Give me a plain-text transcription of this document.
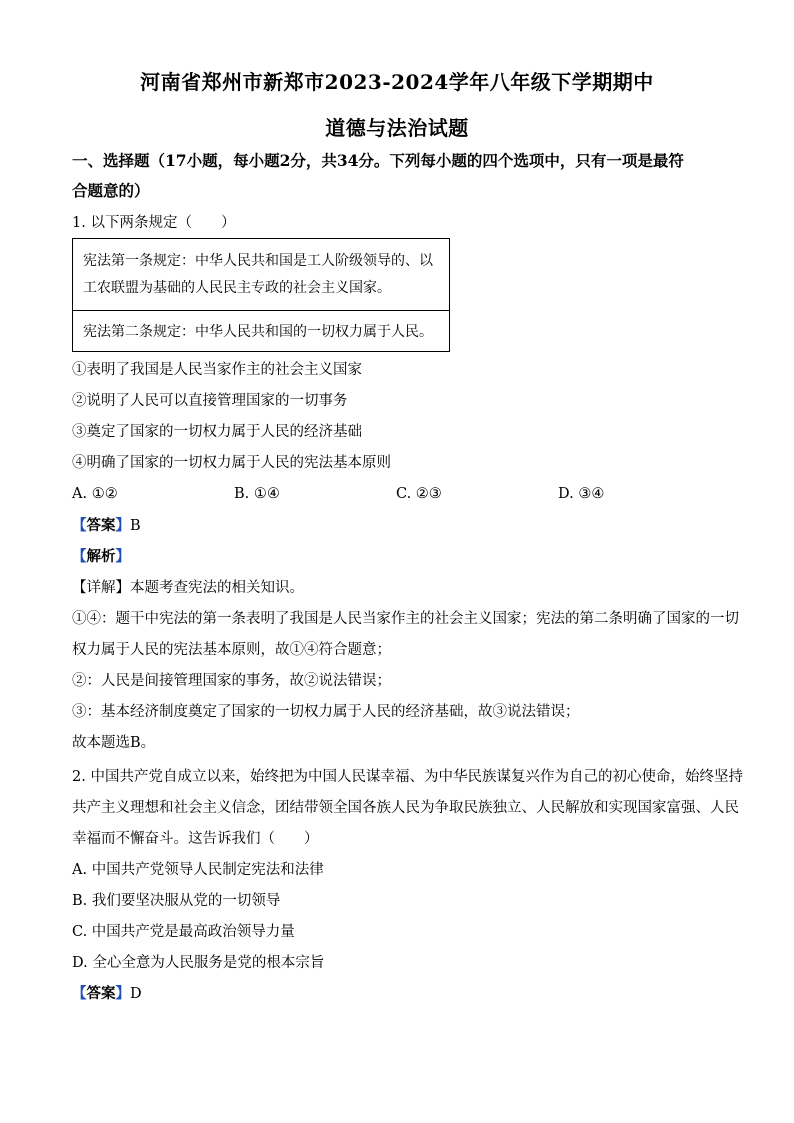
河南省郑州市新郑市2023-2024学年八年级下学期期中
道德与法治试题
一、选择题（17小题，每小题2分，共34分。下列每小题的四个选项中，只有一项是最符
合题意的）
1. 以下两条规定（　　）
宪法第一条规定：中华人民共和国是工人阶级领导的、以
工农联盟为基础的人民民主专政的社会主义国家。
宪法第二条规定：中华人民共和国的一切权力属于人民。
①表明了我国是人民当家作主的社会主义国家
②说明了人民可以直接管理国家的一切事务
③奠定了国家的一切权力属于人民的经济基础
④明确了国家的一切权力属于人民的宪法基本原则
A. ①②	B. ①④	C. ②③	D. ③④
【答案】B
【解析】
【详解】本题考查宪法的相关知识。
①④：题干中宪法的第一条表明了我国是人民当家作主的社会主义国家；宪法的第二条明确了国家的一切
权力属于人民的宪法基本原则，故①④符合题意；
②：人民是间接管理国家的事务，故②说法错误；
③：基本经济制度奠定了国家的一切权力属于人民的经济基础，故③说法错误；
故本题选B。
2. 中国共产党自成立以来，始终把为中国人民谋幸福、为中华民族谋复兴作为自己的初心使命，始终坚持
共产主义理想和社会主义信念，团结带领全国各族人民为争取民族独立、人民解放和实现国家富强、人民
幸福而不懈奋斗。这告诉我们（　　）
A. 中国共产党领导人民制定宪法和法律
B. 我们要坚决服从党的一切领导
C. 中国共产党是最高政治领导力量
D. 全心全意为人民服务是党的根本宗旨
【答案】D
